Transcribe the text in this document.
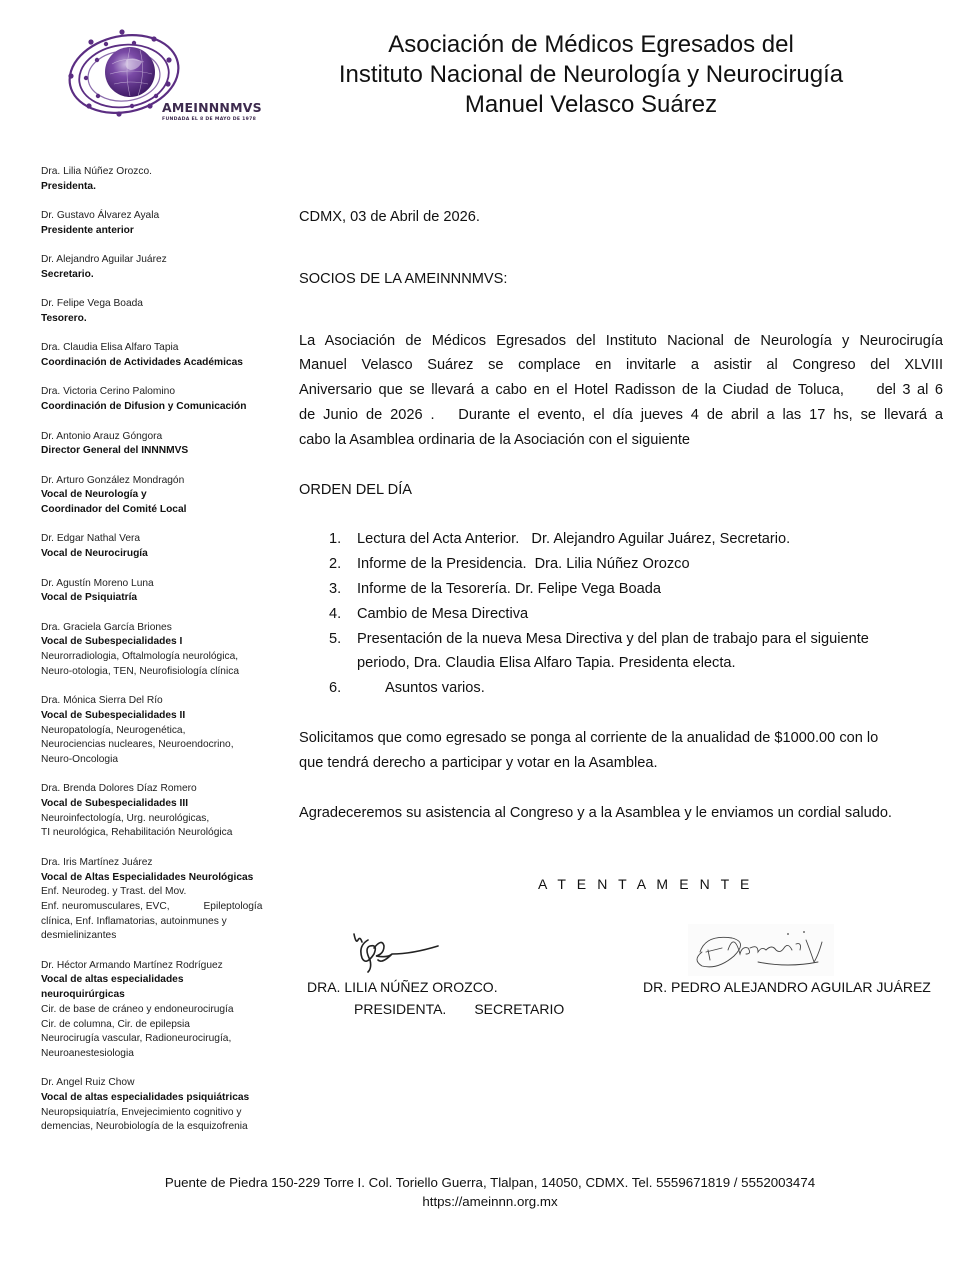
AMEINNNMVS
FUNDADA EL 8 DE MAYO DE 1978
Asociación de Médicos Egresados del
Instituto Nacional de Neurología y Neurocirugía
Manuel Velasco Suárez
Dra. Lilia Núñez Orozco.
Presidenta.
Dr. Gustavo Álvarez Ayala
Presidente anterior
Dr. Alejandro Aguilar Juárez
Secretario.
Dr. Felipe Vega Boada
Tesorero.
Dra. Claudia Elisa Alfaro Tapia
Coordinación de Actividades Académicas
Dra. Victoria Cerino Palomino
Coordinación de Difusion y Comunicación
Dr. Antonio Arauz Góngora
Director General del INNNMVS
Dr. Arturo González Mondragón
Vocal de Neurología y
Coordinador del Comité Local
Dr. Edgar Nathal Vera
Vocal de Neurocirugía
Dr. Agustín Moreno Luna
Vocal de Psiquiatría
Dra. Graciela García Briones
Vocal de Subespecialidades I
Neurorradiologia, Oftalmología neurológica,
Neuro-otologia, TEN, Neurofisiología clínica
Dra. Mónica Sierra Del Río
Vocal de Subespecialidades II
Neuropatología, Neurogenética,
Neurociencias nucleares, Neuroendocrino,
Neuro-Oncologia
Dra. Brenda Dolores Díaz Romero
Vocal de Subespecialidades III
Neuroinfectología, Urg. neurológicas,
TI neurológica, Rehabilitación Neurológica
Dra. Iris Martínez Juárez
Vocal de Altas Especialidades Neurológicas
Enf. Neurodeg. y Trast. del Mov.
Enf. neuromusculares, EVC,            Epileptología
clínica, Enf. Inflamatorias, autoinmunes y
desmielinizantes
Dr. Héctor Armando Martínez Rodríguez
Vocal de altas especialidades
neuroquirúrgicas
Cir. de base de cráneo y endoneurocirugía
Cir. de columna, Cir. de epilepsia
Neurocirugía vascular, Radioneurocirugía,
Neuroanestesiologia
Dr. Angel Ruiz Chow
Vocal de altas especialidades psiquiátricas
Neuropsiquiatría, Envejecimiento cognitivo y
demencias, Neurobiología de la esquizofrenia
CDMX, 03 de Abril de 2026.
SOCIOS DE LA AMEINNNMVS:
La Asociación de Médicos Egresados del Instituto Nacional de Neurología y Neurocirugía
Manuel Velasco Suárez se complace en invitarle a asistir al Congreso del XLVIII
Aniversario que se llevará a cabo en el Hotel Radisson de la Ciudad de Toluca,     del 3 al 6
de Junio de 2026 .   Durante el evento, el día jueves 4 de abril a las 17 hs, se llevará a
cabo la Asamblea ordinaria de la Asociación con el siguiente
ORDEN DEL DÍA
1. Lectura del Acta Anterior.   Dr. Alejandro Aguilar Juárez, Secretario.
2. Informe de la Presidencia.  Dra. Lilia Núñez Orozco
3. Informe de la Tesorería. Dr. Felipe Vega Boada
4. Cambio de Mesa Directiva
5. Presentación de la nueva Mesa Directiva y del plan de trabajo para el siguiente
periodo, Dra. Claudia Elisa Alfaro Tapia. Presidenta electa.
6.	Asuntos varios.
Solicitamos que como egresado se ponga al corriente de la anualidad de $1000.00 con lo
que tendrá derecho a participar y votar en la Asamblea.
Agradeceremos su asistencia al Congreso y a la Asamblea y le enviamos un cordial saludo.
A T E N T A M E N T E
DRA. LILIA NÚÑEZ OROZCO.
PRESIDENTA. SECRETARIO
DR. PEDRO ALEJANDRO AGUILAR JUÁREZ
Puente de Piedra 150-229 Torre I. Col. Toriello Guerra, Tlalpan, 14050, CDMX. Tel. 5559671819 / 5552003474
https://ameinnn.org.mx
